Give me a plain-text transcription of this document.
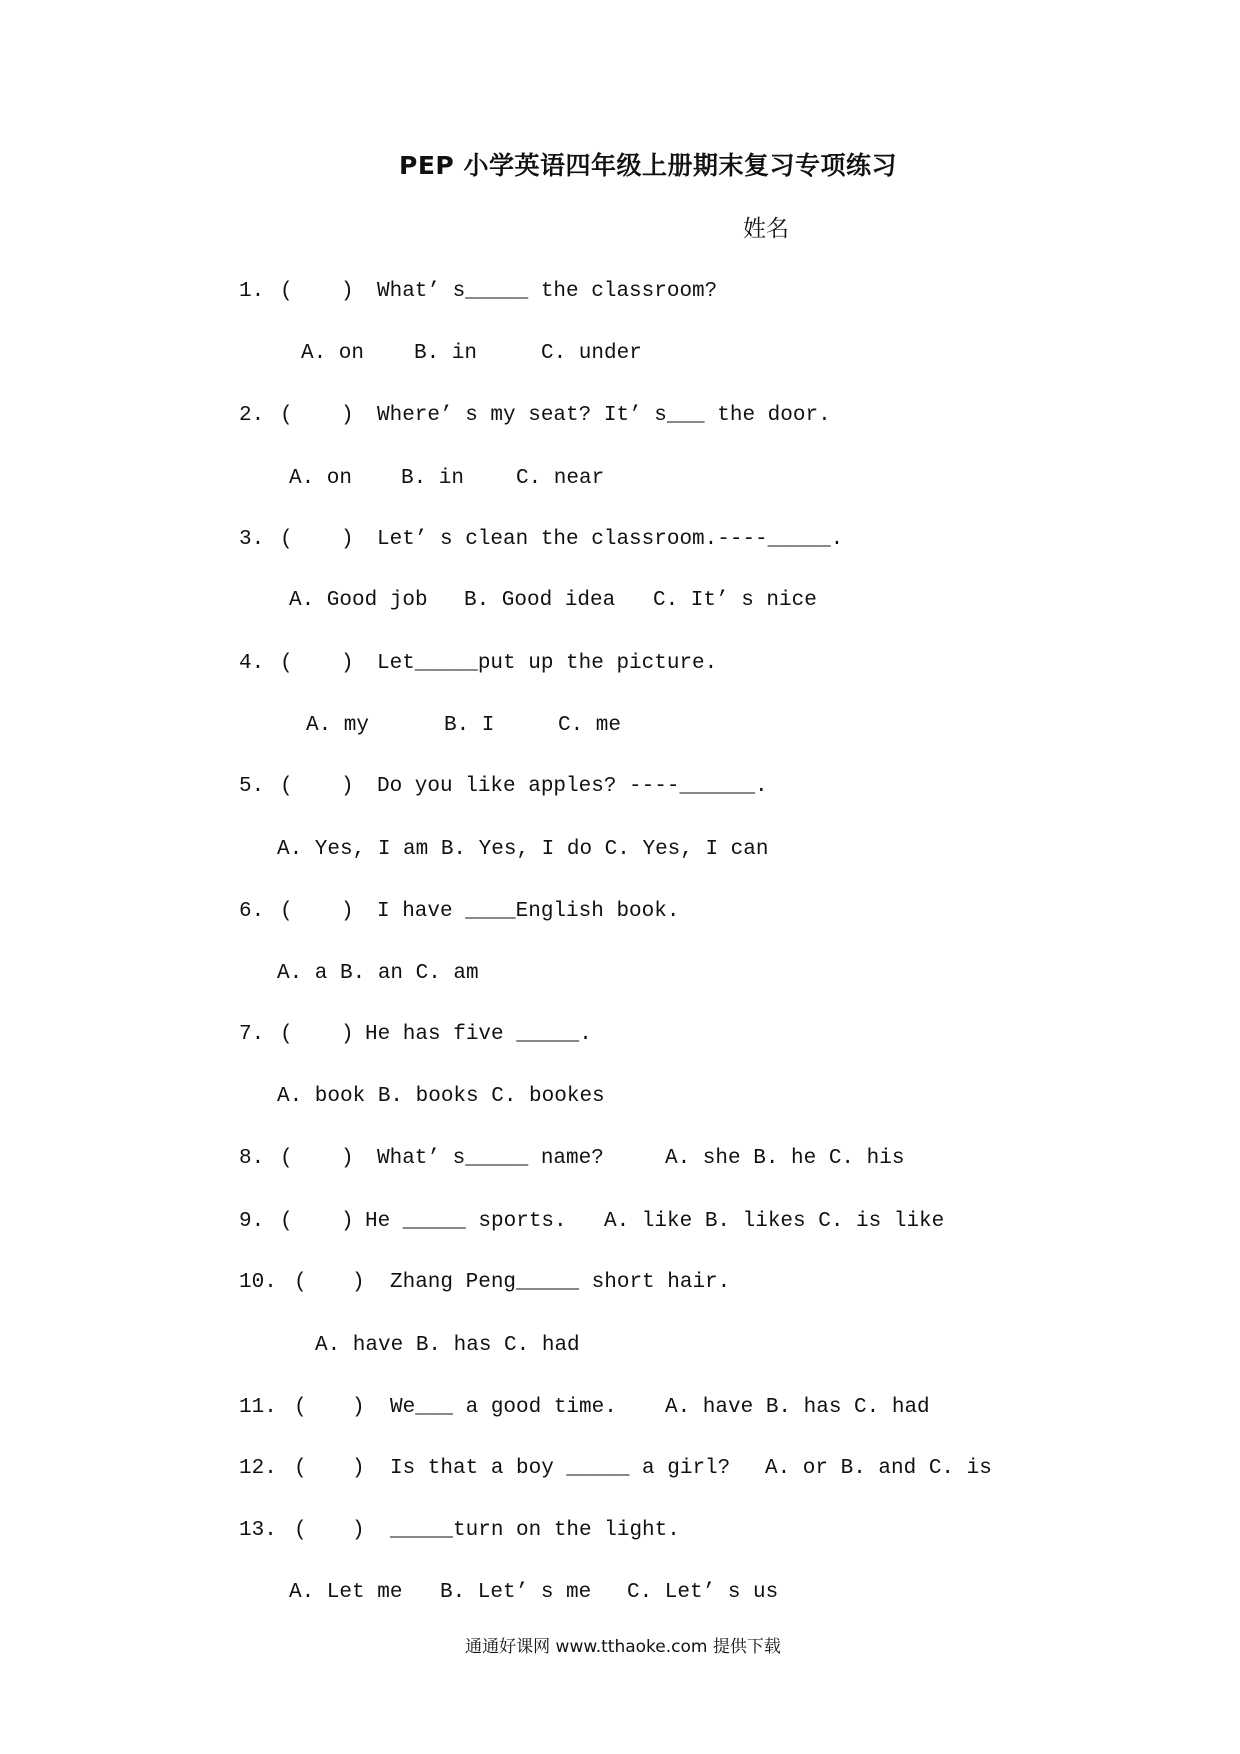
PEP 小学英语四年级上册期末复习专项练习
姓名
1. ( ) What’ s_____ the classroom?
A. on B. in	C. under
2. ( ) Where’ s my seat? It’ s___ the door.
A. on B. in C. near
3. ( ) Let’ s clean the classroom.----_____.
A. Good job B. Good idea C. It’ s nice
4. ( ) Let_____put up the picture.
A. my	B. I	C. me
5. ( ) Do you like apples? ----______.
A. Yes, I am B. Yes, I do C. Yes, I can
6. ( ) I have ____English book.
A. a B. an C. am
7. ( ) He has five _____.
A. book B. books C. bookes
8. ( ) What’ s_____ name?	A. she B. he C. his
9. ( ) He _____ sports. A. like B. likes C. is like
10. ( ) Zhang Peng_____ short hair.
A. have B. has C. had
11. ( ) We___ a good time. A. have B. has C. had
12. ( ) Is that a boy _____ a girl? A. or B. and C. is
13. ( ) _____turn on the light.
A. Let me B. Let’ s me C. Let’ s us
通通好课网 www.tthaoke.com 提供下载
